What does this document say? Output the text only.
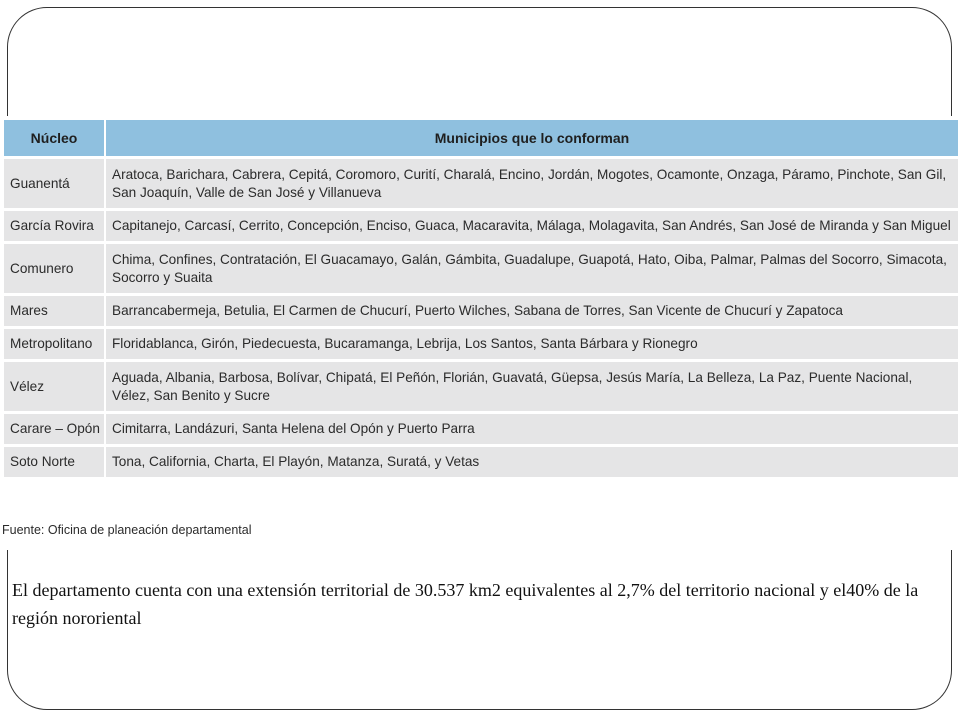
Núcleo	Municipios que lo conforman
Guanentá	Aratoca, Barichara, Cabrera, Cepitá, Coromoro, Curití, Charalá, Encino, Jordán, Mogotes, Ocamonte, Onzaga, Páramo, Pinchote, San Gil, San Joaquín, Valle de San José y Villanueva
García Rovira	Capitanejo, Carcasí, Cerrito, Concepción, Enciso, Guaca, Macaravita, Málaga, Molagavita, San Andrés, San José de Miranda y San Miguel
Comunero	Chima, Confines, Contratación, El Guacamayo, Galán, Gámbita, Guadalupe, Guapotá, Hato, Oiba, Palmar, Palmas del Socorro, Simacota, Socorro y Suaita
Mares	Barrancabermeja, Betulia, El Carmen de Chucurí, Puerto Wilches, Sabana de Torres, San Vicente de Chucurí y Zapatoca
Metropolitano	Floridablanca, Girón, Piedecuesta, Bucaramanga, Lebrija, Los Santos, Santa Bárbara y Rionegro
Vélez	Aguada, Albania, Barbosa, Bolívar, Chipatá, El Peñón, Florián, Guavatá, Güepsa, Jesús María, La Belleza, La Paz, Puente Nacional, Vélez, San Benito y Sucre
Carare – Opón	Cimitarra, Landázuri, Santa Helena del Opón y Puerto Parra
Soto Norte	Tona, California, Charta, El Playón, Matanza, Suratá, y Vetas
Fuente: Oficina de planeación departamental
El departamento cuenta con una extensión territorial de 30.537 km2 equivalentes al 2,7% del territorio nacional y el40% de la región nororiental
